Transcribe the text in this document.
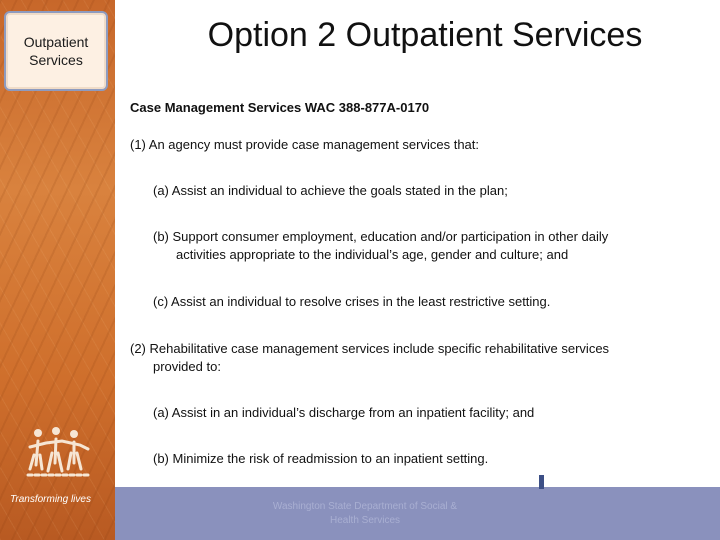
Outpatient
Services
Transforming lives
Washington State Department of Social &
Health Services
Option 2 Outpatient Services

Case Management Services WAC 388-877A-0170

(1) An agency must provide case management services that:

(a) Assist an individual to achieve the goals stated in the plan;

(b) Support consumer employment, education and/or participation in other daily
activities appropriate to the individual’s age, gender and culture; and

(c) Assist an individual to resolve crises in the least restrictive setting.

(2) Rehabilitative case management services include specific rehabilitative services
provided to:

(a) Assist in an individual’s discharge from an inpatient facility; and

(b) Minimize the risk of readmission to an inpatient setting.
